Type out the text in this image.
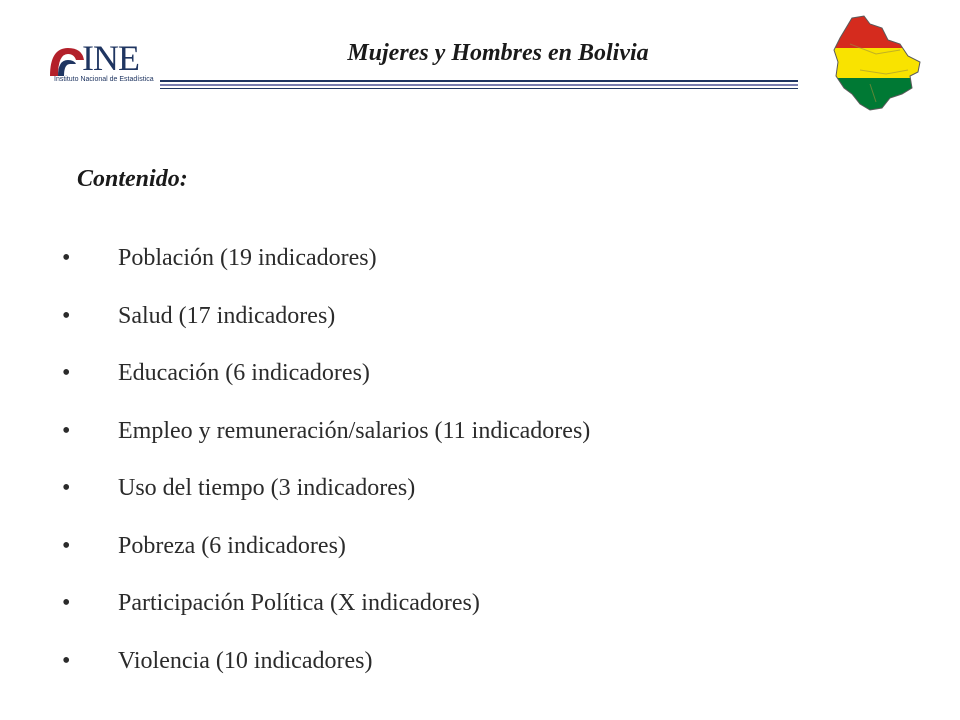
INE
Instituto Nacional de Estadística
Mujeres y Hombres en Bolivia
Contenido:
•	Población (19 indicadores)
•	Salud (17 indicadores)
•	Educación (6 indicadores)
•	Empleo y remuneración/salarios (11 indicadores)
•	Uso del tiempo (3 indicadores)
•	Pobreza (6 indicadores)
•	Participación Política (X indicadores)
•	Violencia (10 indicadores)
